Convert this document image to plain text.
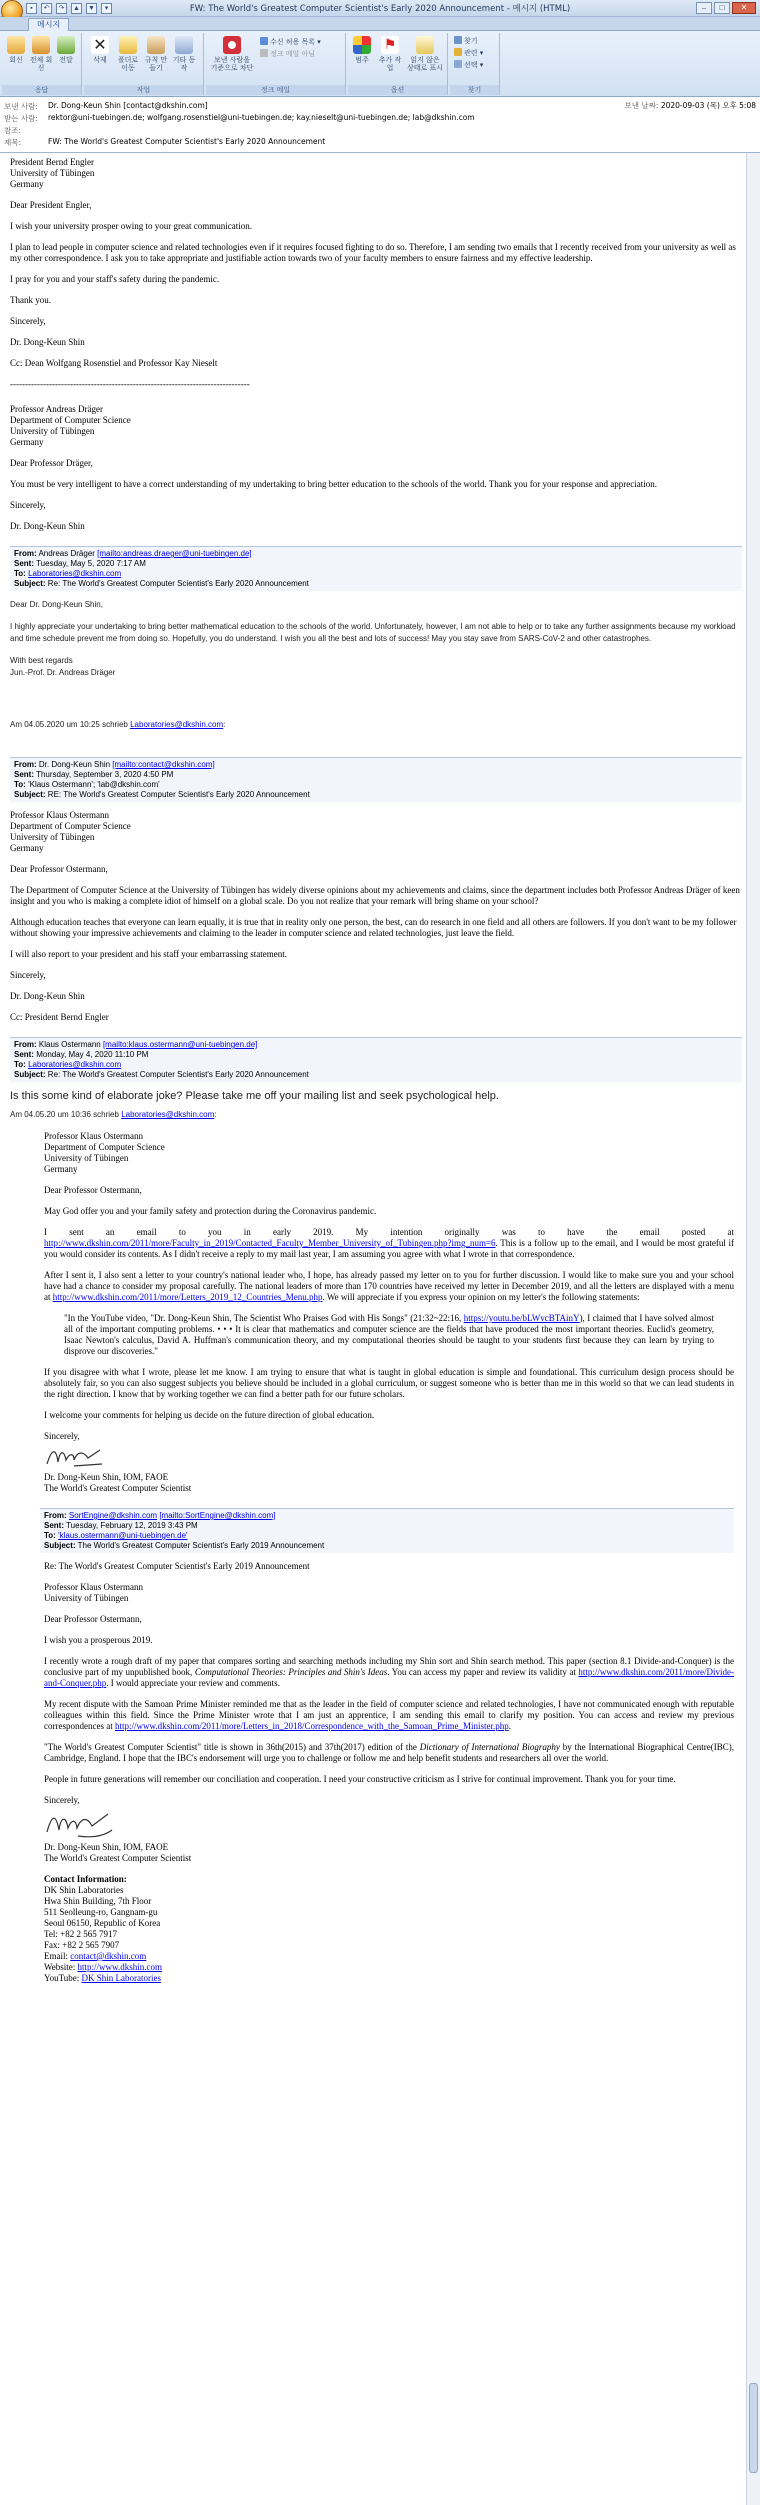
▪	↶	↷	▲ ▼	▾	FW: The World's Greatest Computer Scientist's Early 2020 Announcement - 메시지 (HTML)	–	□	✕
메시지
회신 전체 회신
전달
응답
✕
삭제	폴더로 이동
규칙 만들기
기타 동작
작업
보낸 사람을 기준으로 차단
수신 허용 목록 ▾
정크 메일 아님
정크 메일
범주
⚑
추가 작업
읽지 않은 상태로 표시
옵션
찾기
관련 ▾
선택 ▾
찾기
보낸 사람: Dr. Dong-Keun Shin [contact@dkshin.com]
받는 사람: rektor@uni-tuebingen.de; wolfgang.rosenstiel@uni-tuebingen.de; kay.nieselt@uni-tuebingen.de; lab@dkshin.com
참조:
제목:	FW: The World's Greatest Computer Scientist's Early 2020 Announcement
보낸 날짜: 2020-09-03 (목) 오후 5:08
President Bernd Engler
University of Tübingen
Germany
Dear President Engler,
I wish your university prosper owing to your great communication.
I plan to lead people in computer science and related technologies even if it requires focused fighting to do so. Therefore, I am sending two emails that I recently received from your university as well as my other correspondence. I ask you to take appropriate and justifiable action towards two of your faculty members to ensure fairness and my effective leadership.
I pray for you and your staff's safety during the pandemic.
Thank you.
Sincerely,
Dr. Dong-Keun Shin
Cc: Dean Wolfgang Rosenstiel and Professor Kay Nieselt
--------------------------------------------------------------------------------
Professor Andreas Dräger
Department of Computer Science
University of Tübingen
Germany
Dear Professor Dräger,
You must be very intelligent to have a correct understanding of my undertaking to bring better education to the schools of the world. Thank you for your response and appreciation.
Sincerely,
Dr. Dong-Keun Shin
From: Andreas Dräger [mailto:andreas.draeger@uni-tuebingen.de]
Sent: Tuesday, May 5, 2020 7:17 AM
To: Laboratories@dkshin.com
Subject: Re: The World's Greatest Computer Scientist's Early 2020 Announcement
Dear Dr. Dong-Keun Shin,
I highly appreciate your undertaking to bring better mathematical education to the schools of the world. Unfortunately, however, I am not able to help or to take any further assignments because my workload and time schedule prevent me from doing so. Hopefully, you do understand. I wish you all the best and lots of success! May you stay save from SARS-CoV-2 and other catastrophes.
With best regards
Jun.-Prof. Dr. Andreas Dräger
Am 04.05.2020 um 10:25 schrieb Laboratories@dkshin.com:
From: Dr. Dong-Keun Shin [mailto:contact@dkshin.com]
Sent: Thursday, September 3, 2020 4:50 PM
To: 'Klaus Ostermann'; 'lab@dkshin.com'
Subject: RE: The World's Greatest Computer Scientist's Early 2020 Announcement
Professor Klaus Ostermann
Department of Computer Science
University of Tübingen
Germany
Dear Professor Ostermann,
The Department of Computer Science at the University of Tübingen has widely diverse opinions about my achievements and claims, since the department includes both Professor Andreas Dräger of keen insight and you who is making a complete idiot of himself on a global scale. Do you not realize that your remark will bring shame on your school?
Although education teaches that everyone can learn equally, it is true that in reality only one person, the best, can do research in one field and all others are followers. If you don't want to be my follower without showing your impressive achievements and claiming to the leader in computer science and related technologies, just leave the field.
I will also report to your president and his staff your embarrassing statement.
Sincerely,
Dr. Dong-Keun Shin
Cc: President Bernd Engler
From: Klaus Ostermann [mailto:klaus.ostermann@uni-tuebingen.de]
Sent: Monday, May 4, 2020 11:10 PM
To: Laboratories@dkshin.com
Subject: Re: The World's Greatest Computer Scientist's Early 2020 Announcement
Is this some kind of elaborate joke? Please take me off your mailing list and seek psychological help.
Am 04.05.20 um 10:36 schrieb Laboratories@dkshin.com:
Professor Klaus Ostermann
Department of Computer Science
University of Tübingen
Germany
Dear Professor Ostermann,
May God offer you and your family safety and protection during the Coronavirus pandemic.
I sent an email to you in early 2019. My intention originally was to have the email posted at http://www.dkshin.com/2011/more/Faculty_in_2019/Contacted_Faculty_Member_University_of_Tubingen.php?img_num=6. This is a follow up to the email, and I would be most grateful if you would consider its contents. As I didn't receive a reply to my mail last year, I am assuming you agree with what I wrote in that correspondence.
After I sent it, I also sent a letter to your country's national leader who, I hope, has already passed my letter on to you for further discussion. I would like to make sure you and your school have had a chance to consider my proposal carefully. The national leaders of more than 170 countries have received my letter in December 2019, and all the letters are displayed with a menu at http://www.dkshin.com/2011/more/Letters_2019_12_Countries_Menu.php. We will appreciate if you express your opinion on my letter's the following statements:
"In the YouTube video, "Dr. Dong-Keun Shin, The Scientist Who Praises God with His Songs" (21:32~22:16, https://youtu.be/bLWvcBTAinY), I claimed that I have solved almost all of the important computing problems. • • • It is clear that mathematics and computer science are the fields that have produced the most important theories. Euclid's geometry, Isaac Newton's calculus, David A. Huffman's communication theory, and my computational theories should be taught to your students first because they can learn by trying to disprove our discoveries."
If you disagree with what I wrote, please let me know. I am trying to ensure that what is taught in global education is simple and foundational. This curriculum design process should be absolutely fair, so you can also suggest subjects you believe should be included in a global curriculum, or suggest someone who is better than me in this world so that we can lead students in the right direction. I know that by working together we can find a better path for our future scholars.
I welcome your comments for helping us decide on the future direction of global education.
Sincerely,
Dr. Dong-Keun Shin, IOM, FAOE
The World's Greatest Computer Scientist
From: SortEngine@dkshin.com [mailto:SortEngine@dkshin.com]
Sent: Tuesday, February 12, 2019 3:43 PM
To: 'klaus.ostermann@uni-tuebingen.de'
Subject: The World's Greatest Computer Scientist's Early 2019 Announcement
Re: The World's Greatest Computer Scientist's Early 2019 Announcement
Professor Klaus Ostermann
University of Tübingen
Dear Professor Ostermann,
I wish you a prosperous 2019.
I recently wrote a rough draft of my paper that compares sorting and searching methods including my Shin sort and Shin search method. This paper (section 8.1 Divide-and-Conquer) is the conclusive part of my unpublished book, Computational Theories: Principles and Shin's Ideas. You can access my paper and review its validity at http://www.dkshin.com/2011/more/Divide-and-Conquer.php. I would appreciate your review and comments.
My recent dispute with the Samoan Prime Minister reminded me that as the leader in the field of computer science and related technologies, I have not communicated enough with reputable colleagues within this field. Since the Prime Minister wrote that I am just an apprentice, I am sending this email to clarify my position. You can access and review my previous correspondences at http://www.dkshin.com/2011/more/Letters_in_2018/Correspondence_with_the_Samoan_Prime_Minister.php.
"The World's Greatest Computer Scientist" title is shown in 36th(2015) and 37th(2017) edition of the Dictionary of International Biography by the International Biographical Centre(IBC), Cambridge, England. I hope that the IBC's endorsement will urge you to challenge or follow me and help benefit students and researchers all over the world.
People in future generations will remember our conciliation and cooperation. I need your constructive criticism as I strive for continual improvement. Thank you for your time.
Sincerely,
Dr. Dong-Keun Shin, IOM, FAOE
The World's Greatest Computer Scientist
Contact Information:
DK Shin Laboratories
Hwa Shin Building, 7th Floor
511 Seolleung-ro, Gangnam-gu
Seoul 06150, Republic of Korea
Tel: +82 2 565 7917
Fax: +82 2 565 7907
Email: contact@dkshin.com
Website: http://www.dkshin.com
YouTube: DK Shin Laboratories
